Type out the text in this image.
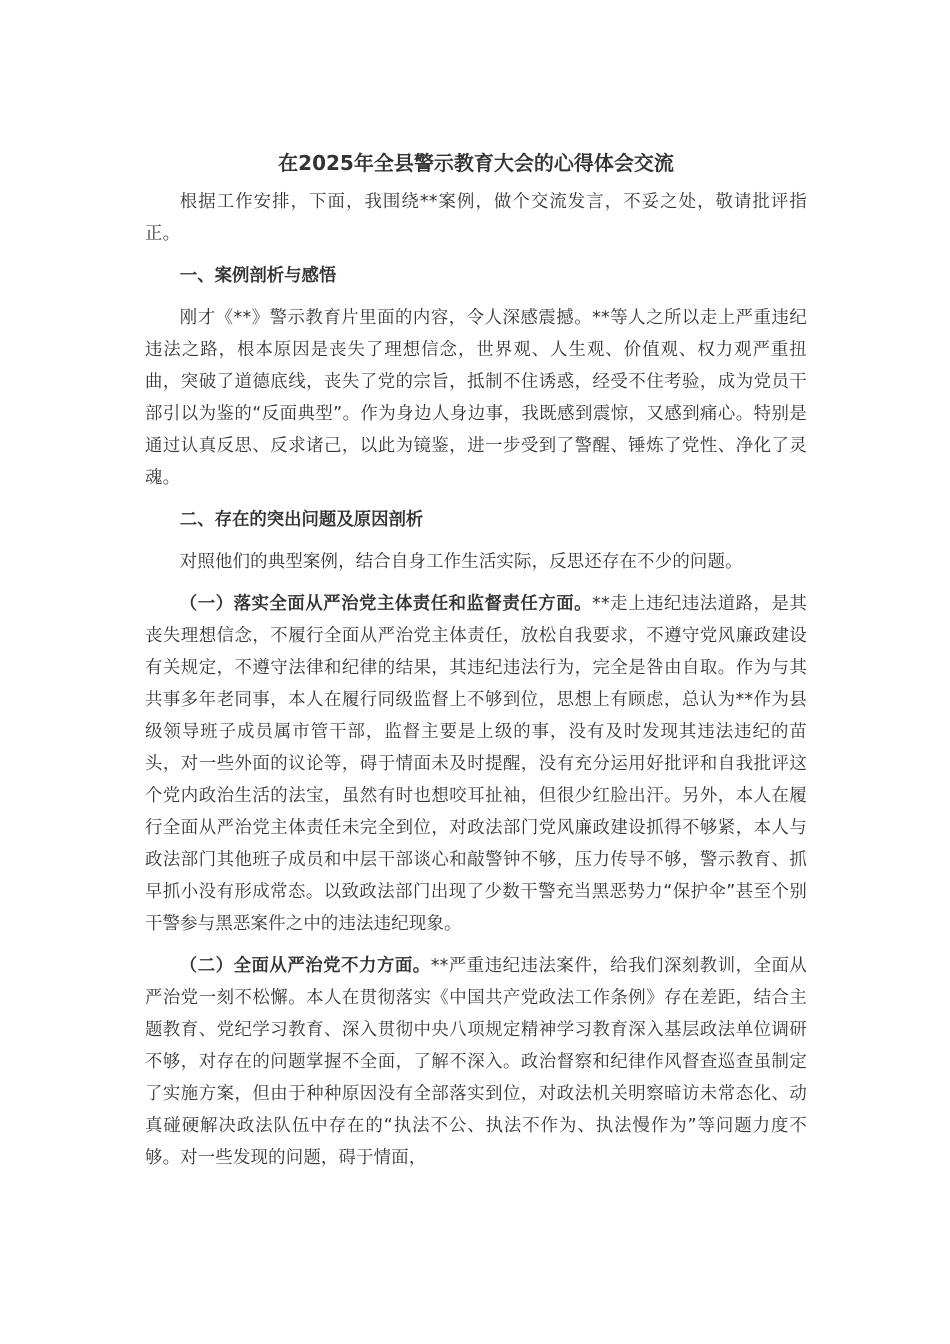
在2025年全县警示教育大会的心得体会交流

根据工作安排，下面，我围绕**案例，做个交流发言，不妥之处，敬请批评指正。

一、案例剖析与感悟

刚才《**》警示教育片里面的内容，令人深感震撼。**等人之所以走上严重违纪违法之路，根本原因是丧失了理想信念，世界观、人生观、价值观、权力观严重扭曲，突破了道德底线，丧失了党的宗旨，抵制不住诱惑，经受不住考验，成为党员干部引以为鉴的“反面典型”。作为身边人身边事，我既感到震惊，又感到痛心。特别是通过认真反思、反求诸己，以此为镜鉴，进一步受到了警醒、锤炼了党性、净化了灵魂。

二、存在的突出问题及原因剖析

对照他们的典型案例，结合自身工作生活实际，反思还存在不少的问题。

（一）落实全面从严治党主体责任和监督责任方面。**走上违纪违法道路，是其丧失理想信念，不履行全面从严治党主体责任，放松自我要求，不遵守党风廉政建设有关规定，不遵守法律和纪律的结果，其违纪违法行为，完全是咎由自取。作为与其共事多年老同事，本人在履行同级监督上不够到位，思想上有顾虑，总认为**作为县级领导班子成员属市管干部，监督主要是上级的事，没有及时发现其违法违纪的苗头，对一些外面的议论等，碍于情面未及时提醒，没有充分运用好批评和自我批评这个党内政治生活的法宝，虽然有时也想咬耳扯袖，但很少红脸出汗。另外，本人在履行全面从严治党主体责任未完全到位，对政法部门党风廉政建设抓得不够紧，本人与政法部门其他班子成员和中层干部谈心和敲警钟不够，压力传导不够，警示教育、抓早抓小没有形成常态。以致政法部门出现了少数干警充当黑恶势力“保护伞”甚至个别干警参与黑恶案件之中的违法违纪现象。

（二）全面从严治党不力方面。**严重违纪违法案件，给我们深刻教训，全面从严治党一刻不松懈。本人在贯彻落实《中国共产党政法工作条例》存在差距，结合主题教育、党纪学习教育、深入贯彻中央八项规定精神学习教育深入基层政法单位调研不够，对存在的问题掌握不全面，了解不深入。政治督察和纪律作风督查巡查虽制定了实施方案，但由于种种原因没有全部落实到位，对政法机关明察暗访未常态化、动真碰硬解决政法队伍中存在的“执法不公、执法不作为、执法慢作为”等问题力度不够。对一些发现的问题，碍于情面，
